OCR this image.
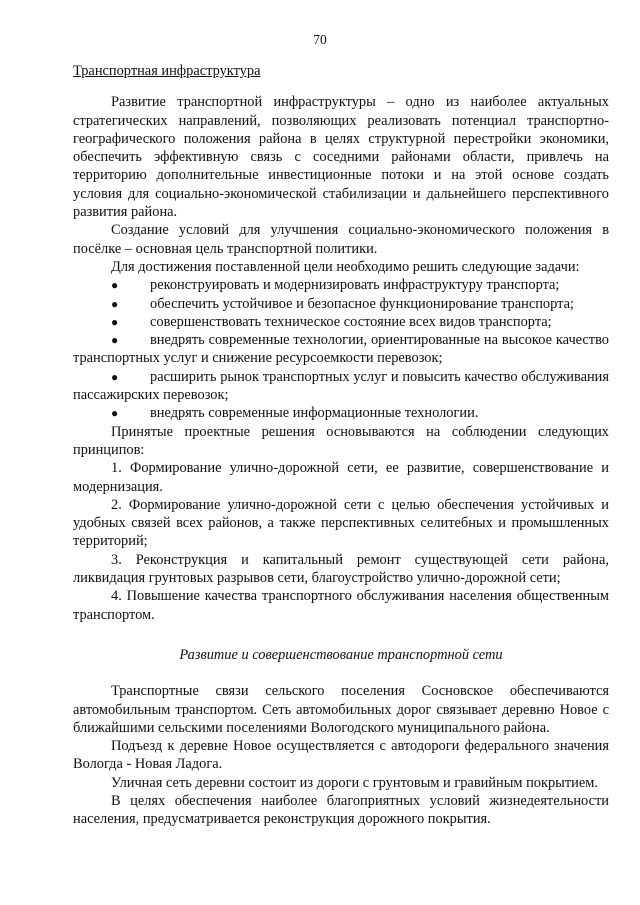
70

Транспортная инфраструктура

Развитие транспортной инфраструктуры – одно из наиболее актуальных стратегических направлений, позволяющих реализовать потенциал транспортно-географического положения района в целях структурной перестройки экономики, обеспечить эффективную связь с соседними районами области, привлечь на территорию дополнительные инвестиционные потоки и на этой основе создать условия для социально-экономической стабилизации и дальнейшего перспективного развития района.

Создание условий для улучшения социально-экономического положения в посёлке – основная цель транспортной политики.

Для достижения поставленной цели необходимо решить следующие задачи:

● реконструировать и модернизировать инфраструктуру транспорта;
● обеспечить устойчивое и безопасное функционирование транспорта;
● совершенствовать техническое состояние всех видов транспорта;
● внедрять современные технологии, ориентированные на высокое качество транспортных услуг и снижение ресурсоемкости перевозок;
● расширить рынок транспортных услуг и повысить качество обслуживания пассажирских перевозок;
● внедрять современные информационные технологии.

Принятые проектные решения основываются на соблюдении следующих принципов:

1. Формирование улично-дорожной сети, ее развитие, совершенствование и модернизация.
2. Формирование улично-дорожной сети с целью обеспечения устойчивых и удобных связей всех районов, а также перспективных селитебных и промышленных территорий;
3. Реконструкция и капитальный ремонт существующей сети района, ликвидация грунтовых разрывов сети, благоустройство улично-дорожной сети;
4. Повышение качества транспортного обслуживания населения общественным транспортом.

Развитие и совершенствование транспортной сети

Транспортные связи сельского поселения Сосновское обеспечиваются автомобильным транспортом. Сеть автомобильных дорог связывает деревню Новое с ближайшими сельскими поселениями Вологодского муниципального района.

Подъезд к деревне Новое осуществляется с автодороги федерального значения Вологда - Новая Ладога.

Уличная сеть деревни состоит из дороги с грунтовым и гравийным покрытием.

В целях обеспечения наиболее благоприятных условий жизнедеятельности населения, предусматривается реконструкция дорожного покрытия.
